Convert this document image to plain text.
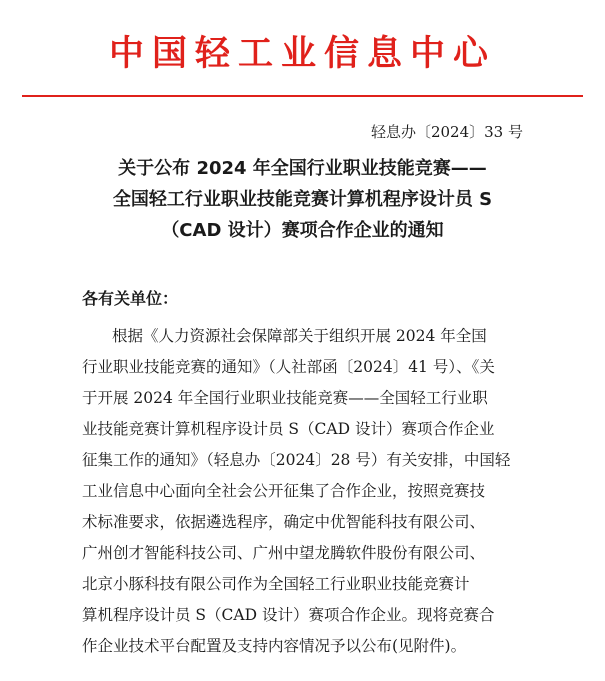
中国轻工业信息中心
轻息办〔2024〕33 号
关于公布 2024 年全国行业职业技能竞赛——
全国轻工行业职业技能竞赛计算机程序设计员 S
（CAD 设计）赛项合作企业的通知
各有关单位：
根据《人力资源社会保障部关于组织开展 2024 年全国
行业职业技能竞赛的通知》（人社部函〔2024〕41 号）、《关
于开展 2024 年全国行业职业技能竞赛——全国轻工行业职
业技能竞赛计算机程序设计员 S（CAD 设计）赛项合作企业
征集工作的通知》（轻息办〔2024〕28 号）有关安排，中国轻
工业信息中心面向全社会公开征集了合作企业，按照竞赛技
术标准要求，依据遴选程序，确定中优智能科技有限公司、
广州创才智能科技公司、广州中望龙腾软件股份有限公司、
北京小豚科技有限公司作为全国轻工行业职业技能竞赛计
算机程序设计员 S（CAD 设计）赛项合作企业。现将竞赛合
作企业技术平台配置及支持内容情况予以公布(见附件)。
